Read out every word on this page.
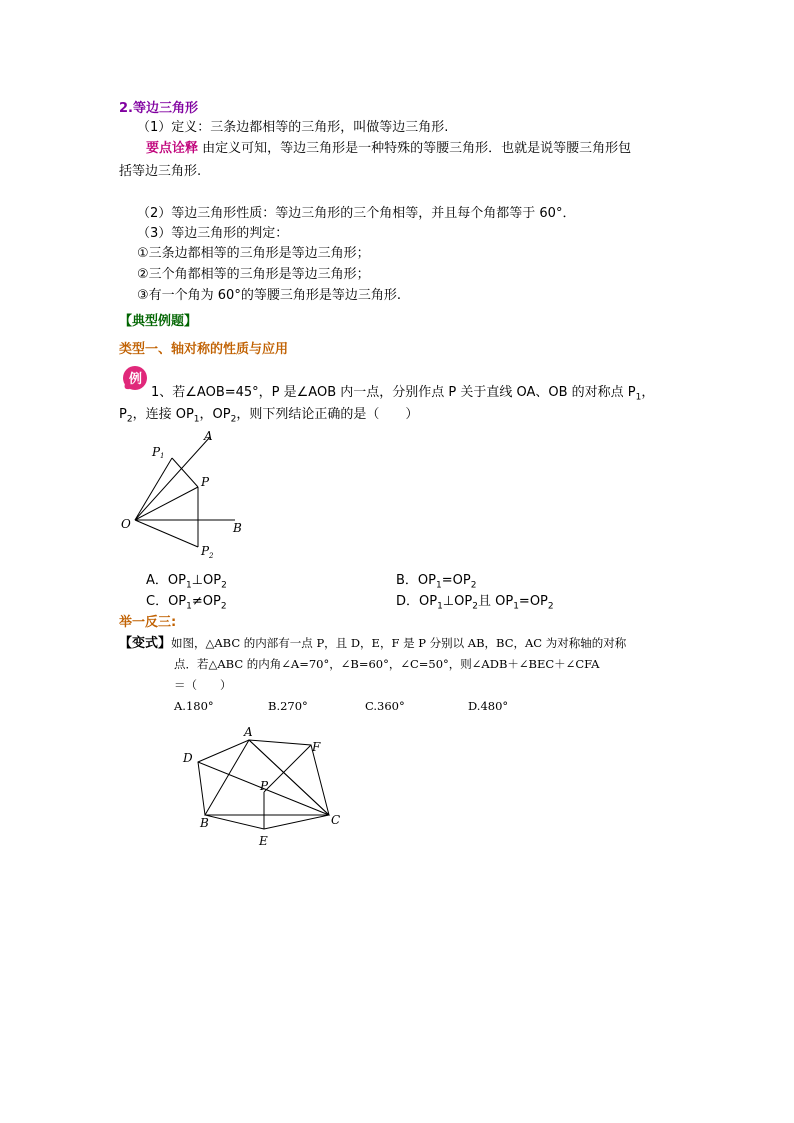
2.等边三角形
（1）定义：三条边都相等的三角形，叫做等边三角形.
要点诠释 由定义可知，等边三角形是一种特殊的等腰三角形．也就是说等腰三角形包
括等边三角形.
（2）等边三角形性质：等边三角形的三个角相等，并且每个角都等于 60°．
（3）等边三角形的判定：
①三条边都相等的三角形是等边三角形；
②三个角都相等的三角形是等边三角形；
③有一个角为 60°的等腰三角形是等边三角形.
【典型例题】
类型一、轴对称的性质与应用
例
1、若∠AOB=45°，P 是∠AOB 内一点，分别作点 P 关于直线 OA、OB 的对称点 $P_1$，
$P_2$，连接 $OP_1$，$OP_2$，则下列结论正确的是（　　）
A
B
O
P
P 1
P 2
A．$OP_1\perp OP_2$	B．$OP_1=OP_2$
C．$OP_1\ne OP_2$	D．$OP_1\perp OP_2$且 $OP_1=OP_2$
举一反三:
【变式】如图，△ABC 的内部有一点 P，且 D，E，F 是 P 分别以 AB，BC，AC 为对称轴的对称
点．若△ABC 的内角∠A=70°，∠B=60°，∠C=50°，则∠ADB＋∠BEC＋∠CFA
＝（　　）
A.180°	B.270°	C.360°	D.480°
A
D
F
P
B	C
E
